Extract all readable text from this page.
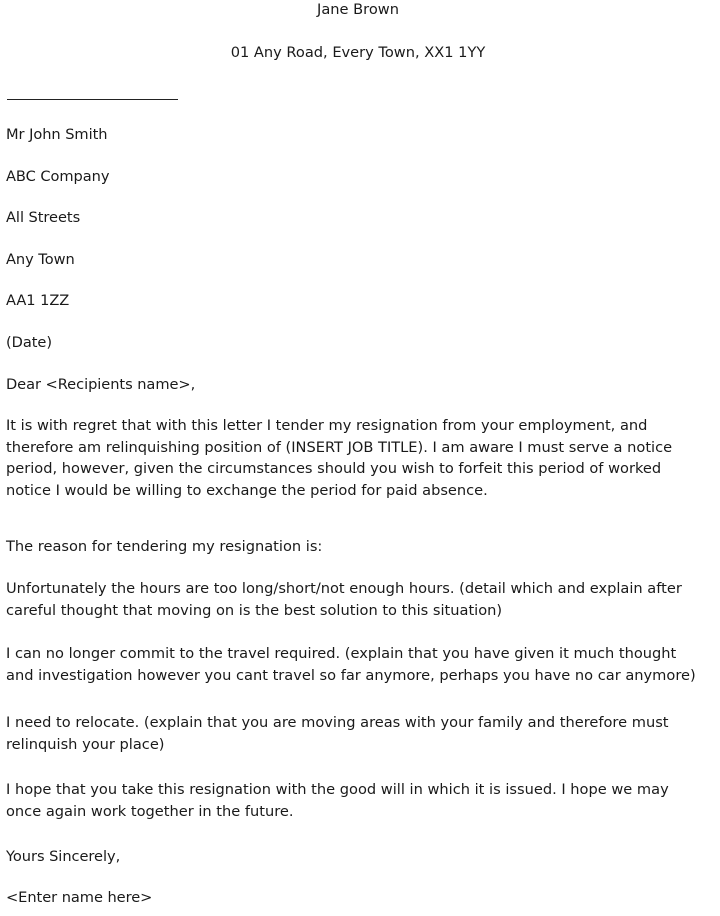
Jane Brown
01 Any Road, Every Town, XX1 1YY
Mr John Smith
ABC Company
All Streets
Any Town
AA1 1ZZ
(Date)
Dear <Recipients name>,
It is with regret that with this letter I tender my resignation from your employment, and
therefore am relinquishing position of (INSERT JOB TITLE). I am aware I must serve a notice
period, however, given the circumstances should you wish to forfeit this period of worked
notice I would be willing to exchange the period for paid absence.
The reason for tendering my resignation is:
Unfortunately the hours are too long/short/not enough hours. (detail which and explain after
careful thought that moving on is the best solution to this situation)
I can no longer commit to the travel required. (explain that you have given it much thought
and investigation however you cant travel so far anymore, perhaps you have no car anymore)
I need to relocate. (explain that you are moving areas with your family and therefore must
relinquish your place)
I hope that you take this resignation with the good will in which it is issued. I hope we may
once again work together in the future.
Yours Sincerely,
<Enter name here>
